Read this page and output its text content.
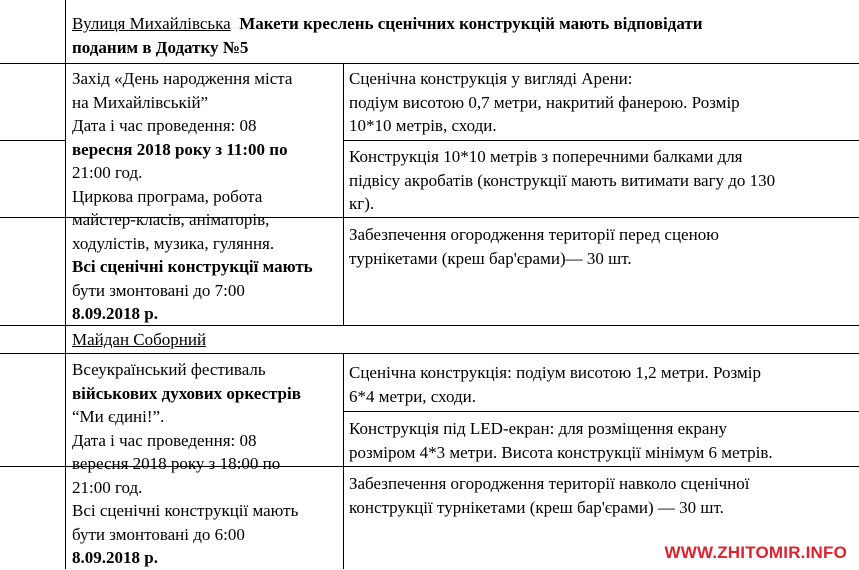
Вулиця Михайлівська Макети креслень сценічних конструкцій мають відповідати
поданим в Додатку №5
Захід «День народження міста
на Михайлівській”
Дата і час проведення: 08
вересня 2018 року з 11:00 по
21:00 год.
Циркова програма, робота
майстер-класів, аніматорів,
ходулістів, музика, гуляння.
Всі сценічні конструкції мають
бути змонтовані до 7:00
8.09.2018 р.
Сценічна конструкція у вигляді Арени:
подіум висотою 0,7 метри, накритий фанерою. Розмір
10*10 метрів, сходи.
Конструкція 10*10 метрів з поперечними балками для
підвісу акробатів (конструкції мають витимати вагу до 130
кг).
Забезпечення огородження території перед сценою
турнікетами (креш бар'єрами)— 30 шт.
Майдан Соборний
Всеукраїнський фестиваль
військових духових оркестрів
“Ми єдині!”.
Дата і час проведення: 08
вересня 2018 року з 18:00 по
21:00 год.
Всі сценічні конструкції мають
бути змонтовані до 6:00
8.09.2018 р.
Сценічна конструкція: подіум висотою 1,2 метри. Розмір
6*4 метри, сходи.
Конструкція під LED-екран: для розміщення екрану
розміром 4*3 метри. Висота конструкції мінімум 6 метрів.
Забезпечення огородження території навколо сценічної
конструкції турнікетами (креш бар'єрами) — 30 шт.
WWW.ZHITOMIR.INFO
